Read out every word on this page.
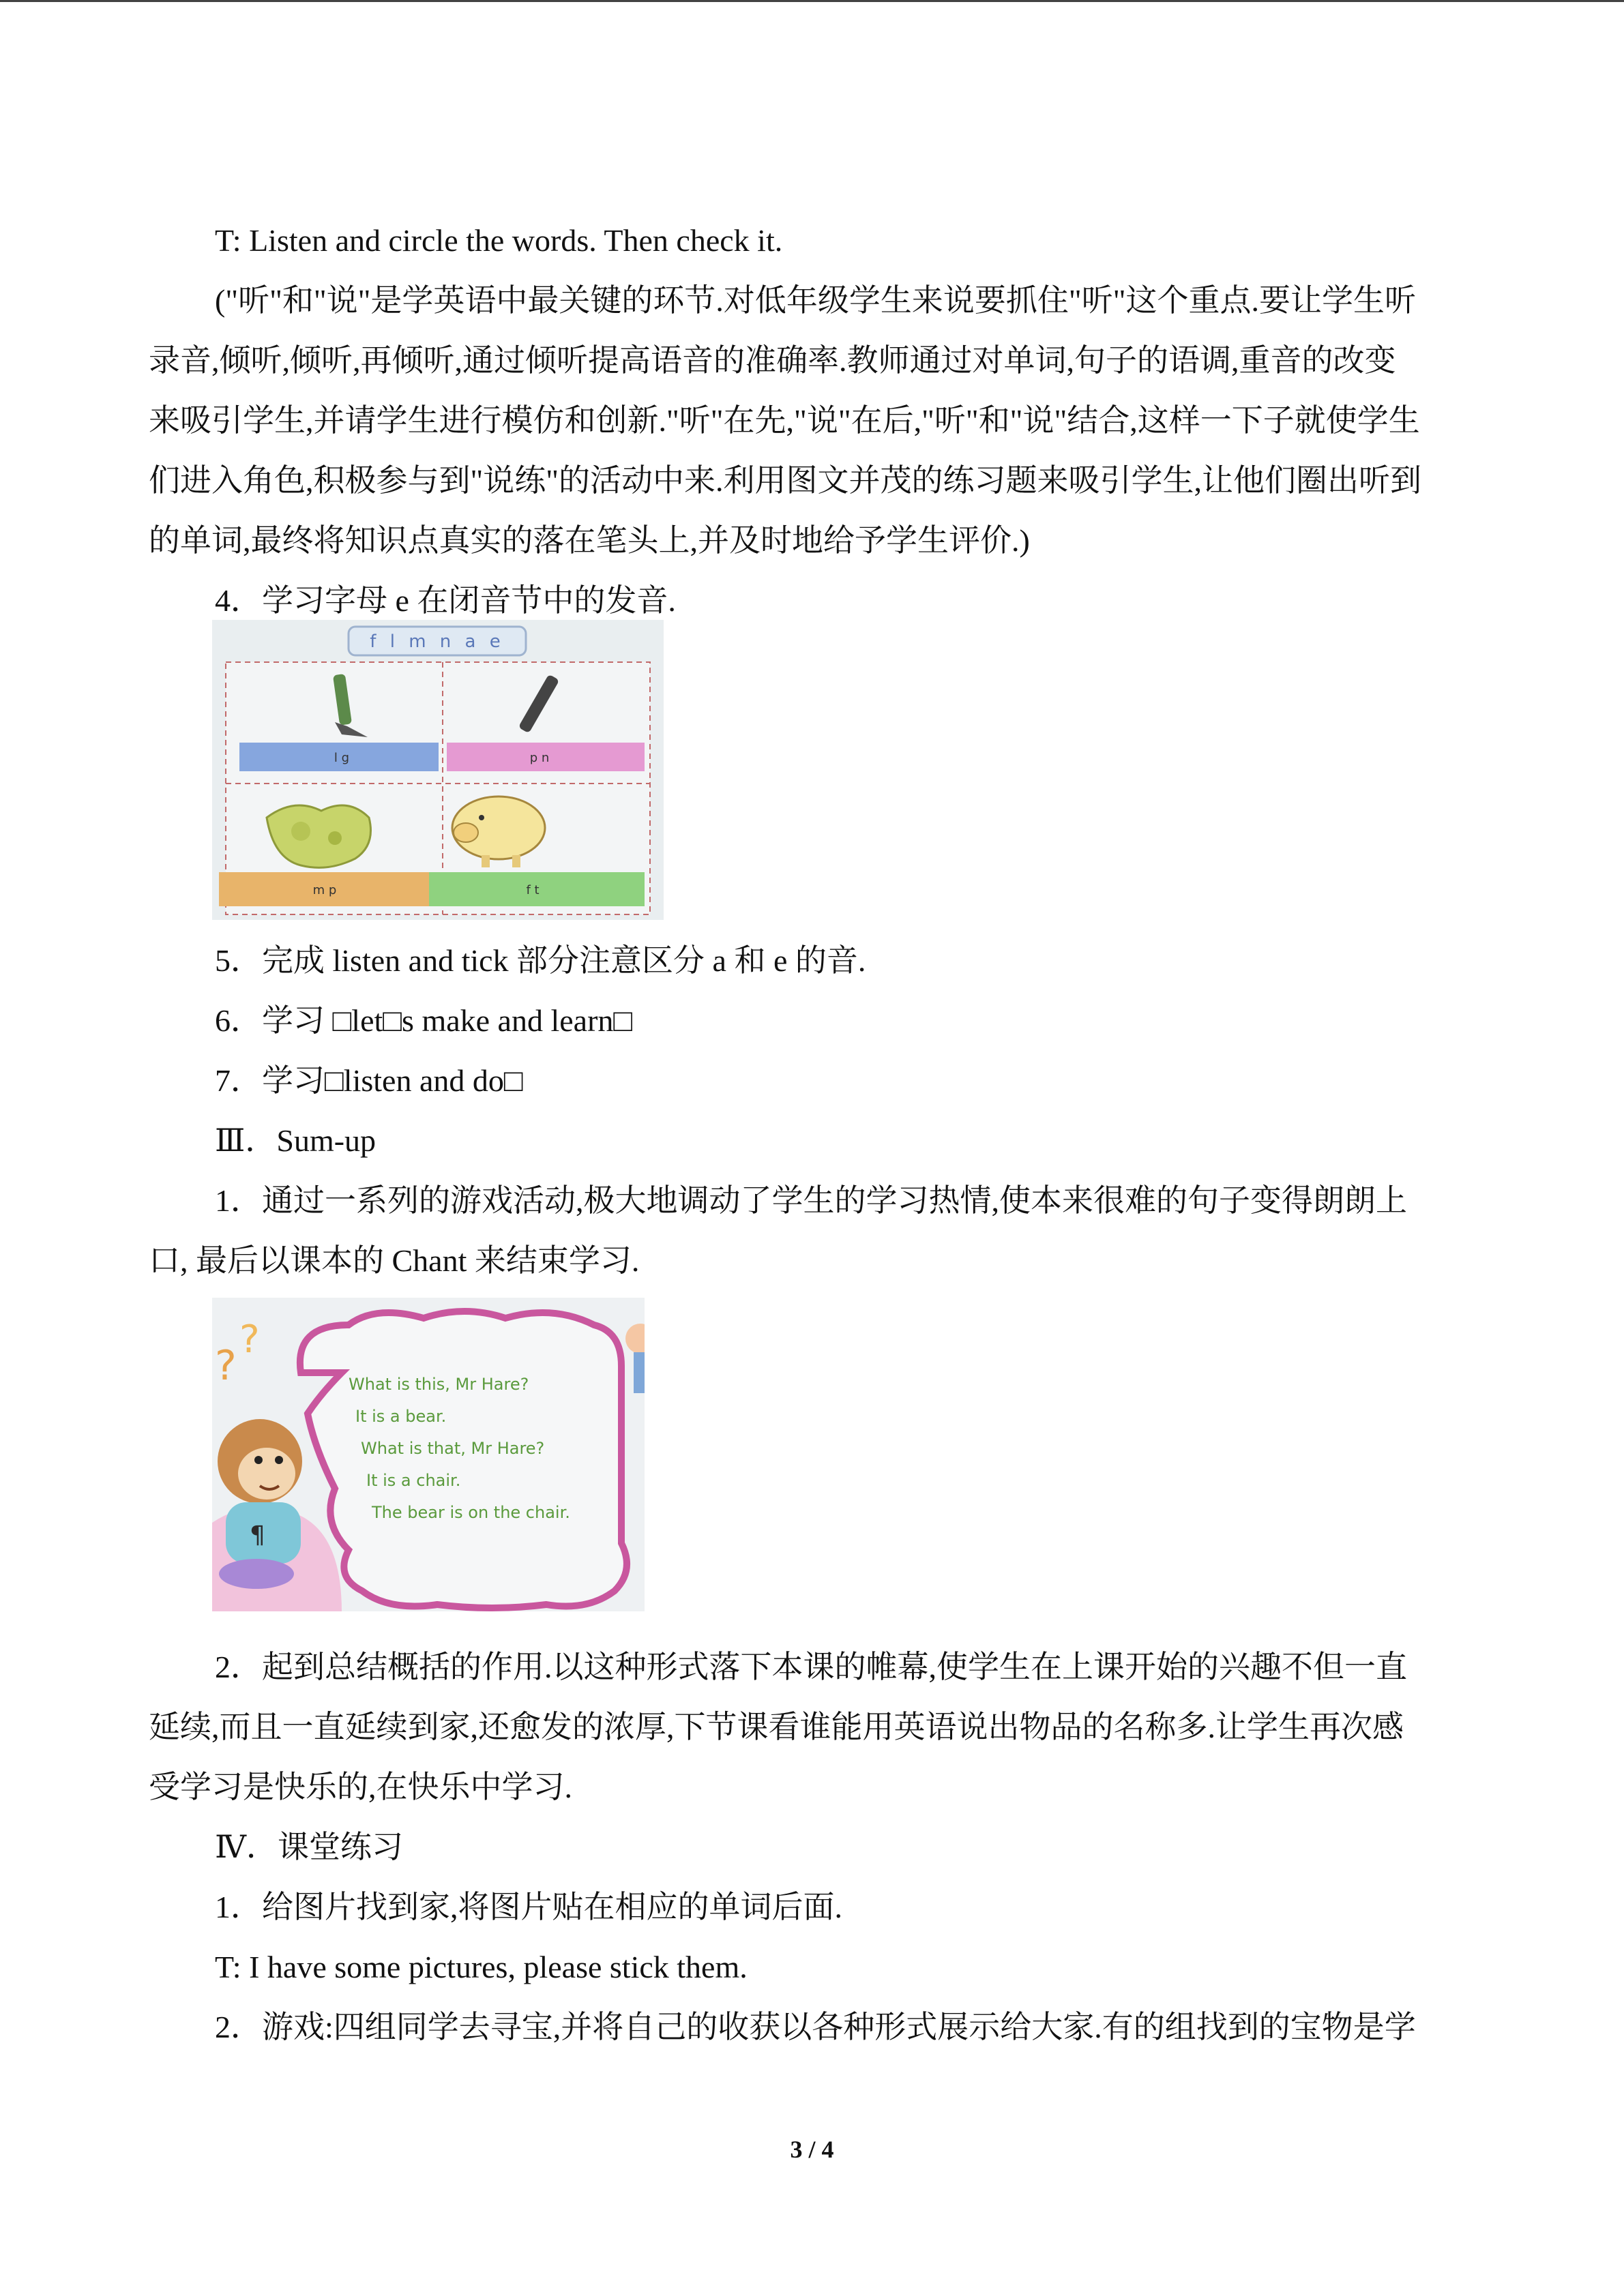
T: Listen and circle the words. Then check it.
("听"和"说"是学英语中最关键的环节.对低年级学生来说要抓住"听"这个重点.要让学生听
录音,倾听,倾听,再倾听,通过倾听提高语音的准确率.教师通过对单词,句子的语调,重音的改变
来吸引学生,并请学生进行模仿和创新."听"在先,"说"在后,"听"和"说"结合,这样一下子就使学生
们进入角色,积极参与到"说练"的活动中来.利用图文并茂的练习题来吸引学生,让他们圈出听到
的单词,最终将知识点真实的落在笔头上,并及时地给予学生评价.)
4．学习字母 e 在闭音节中的发音.
f l m n a e
l g	p n
m p	f t
5．完成 listen and tick 部分注意区分 a 和 e 的音.
6．学习 □let□s make and learn□
7．学习□listen and do□
Ⅲ．Sum-up
1．通过一系列的游戏活动,极大地调动了学生的学习热情,使本来很难的句子变得朗朗上
口, 最后以课本的 Chant 来结束学习.
What is this, Mr Hare?
It is a bear.
What is that, Mr Hare?
It is a chair.
The bear is on the chair.
?
?
¶
2．起到总结概括的作用.以这种形式落下本课的帷幕,使学生在上课开始的兴趣不但一直
延续,而且一直延续到家,还愈发的浓厚,下节课看谁能用英语说出物品的名称多.让学生再次感
受学习是快乐的,在快乐中学习.
Ⅳ．课堂练习
1．给图片找到家,将图片贴在相应的单词后面.
T: I have some pictures, please stick them.
2．游戏:四组同学去寻宝,并将自己的收获以各种形式展示给大家.有的组找到的宝物是学
3 / 4
